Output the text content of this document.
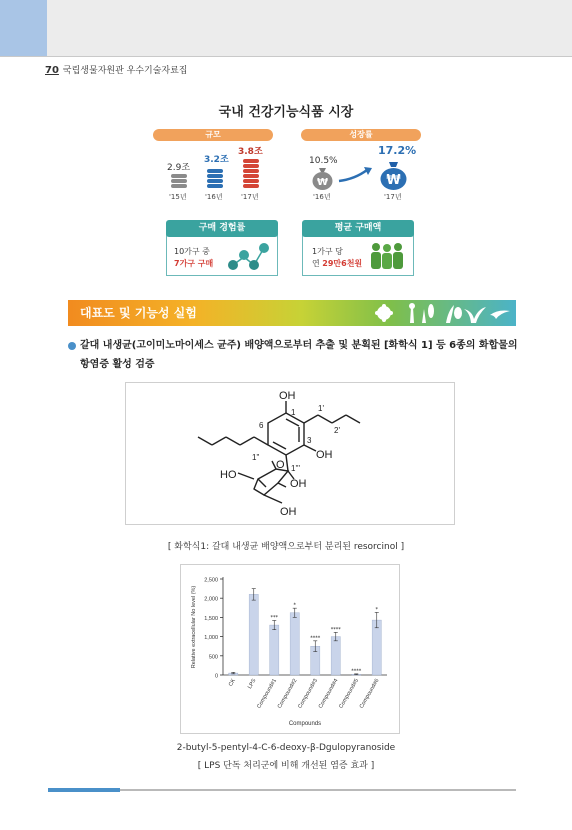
70 국립생물자원관 우수기술자료집
국내 건강기능식품 시장
규모	성장률
2.9조
3.2조
3.8조
'15년	'16년	'17년
10.5%
17.2%
₩	₩
'16년	'17년
구매 경험률
10가구 중
7가구 구매
평균 구매액
1가구 당
연 29만6천원
대표도 및 기능성 실험
갈대 내생균(고이미노마이세스 균주) 배양액으로부터 추출 및 분획된 [화학식 1] 등 6종의 화합물의 항염증 활성 검증
OH
1	1'
2'
6
3
OH
1"
O 1'''
HO
OH
OH
[ 화학식1: 갈대 내생균 배양액으로부터 분리된 resorcinol ]
0
500
1,000
1,500
2,000
2,500
Relative extracellular No level (%)
CK LPS
***
Compound#1
*
Compound#2
****
Compound#3
****
Compound#4
****
Compound#5
*
Compound#6
Compounds
2-butyl-5-pentyl-4-C-6-deoxy-β-Dgulopyranoside
[ LPS 단독 처리군에 비해 개선된 염증 효과 ]
